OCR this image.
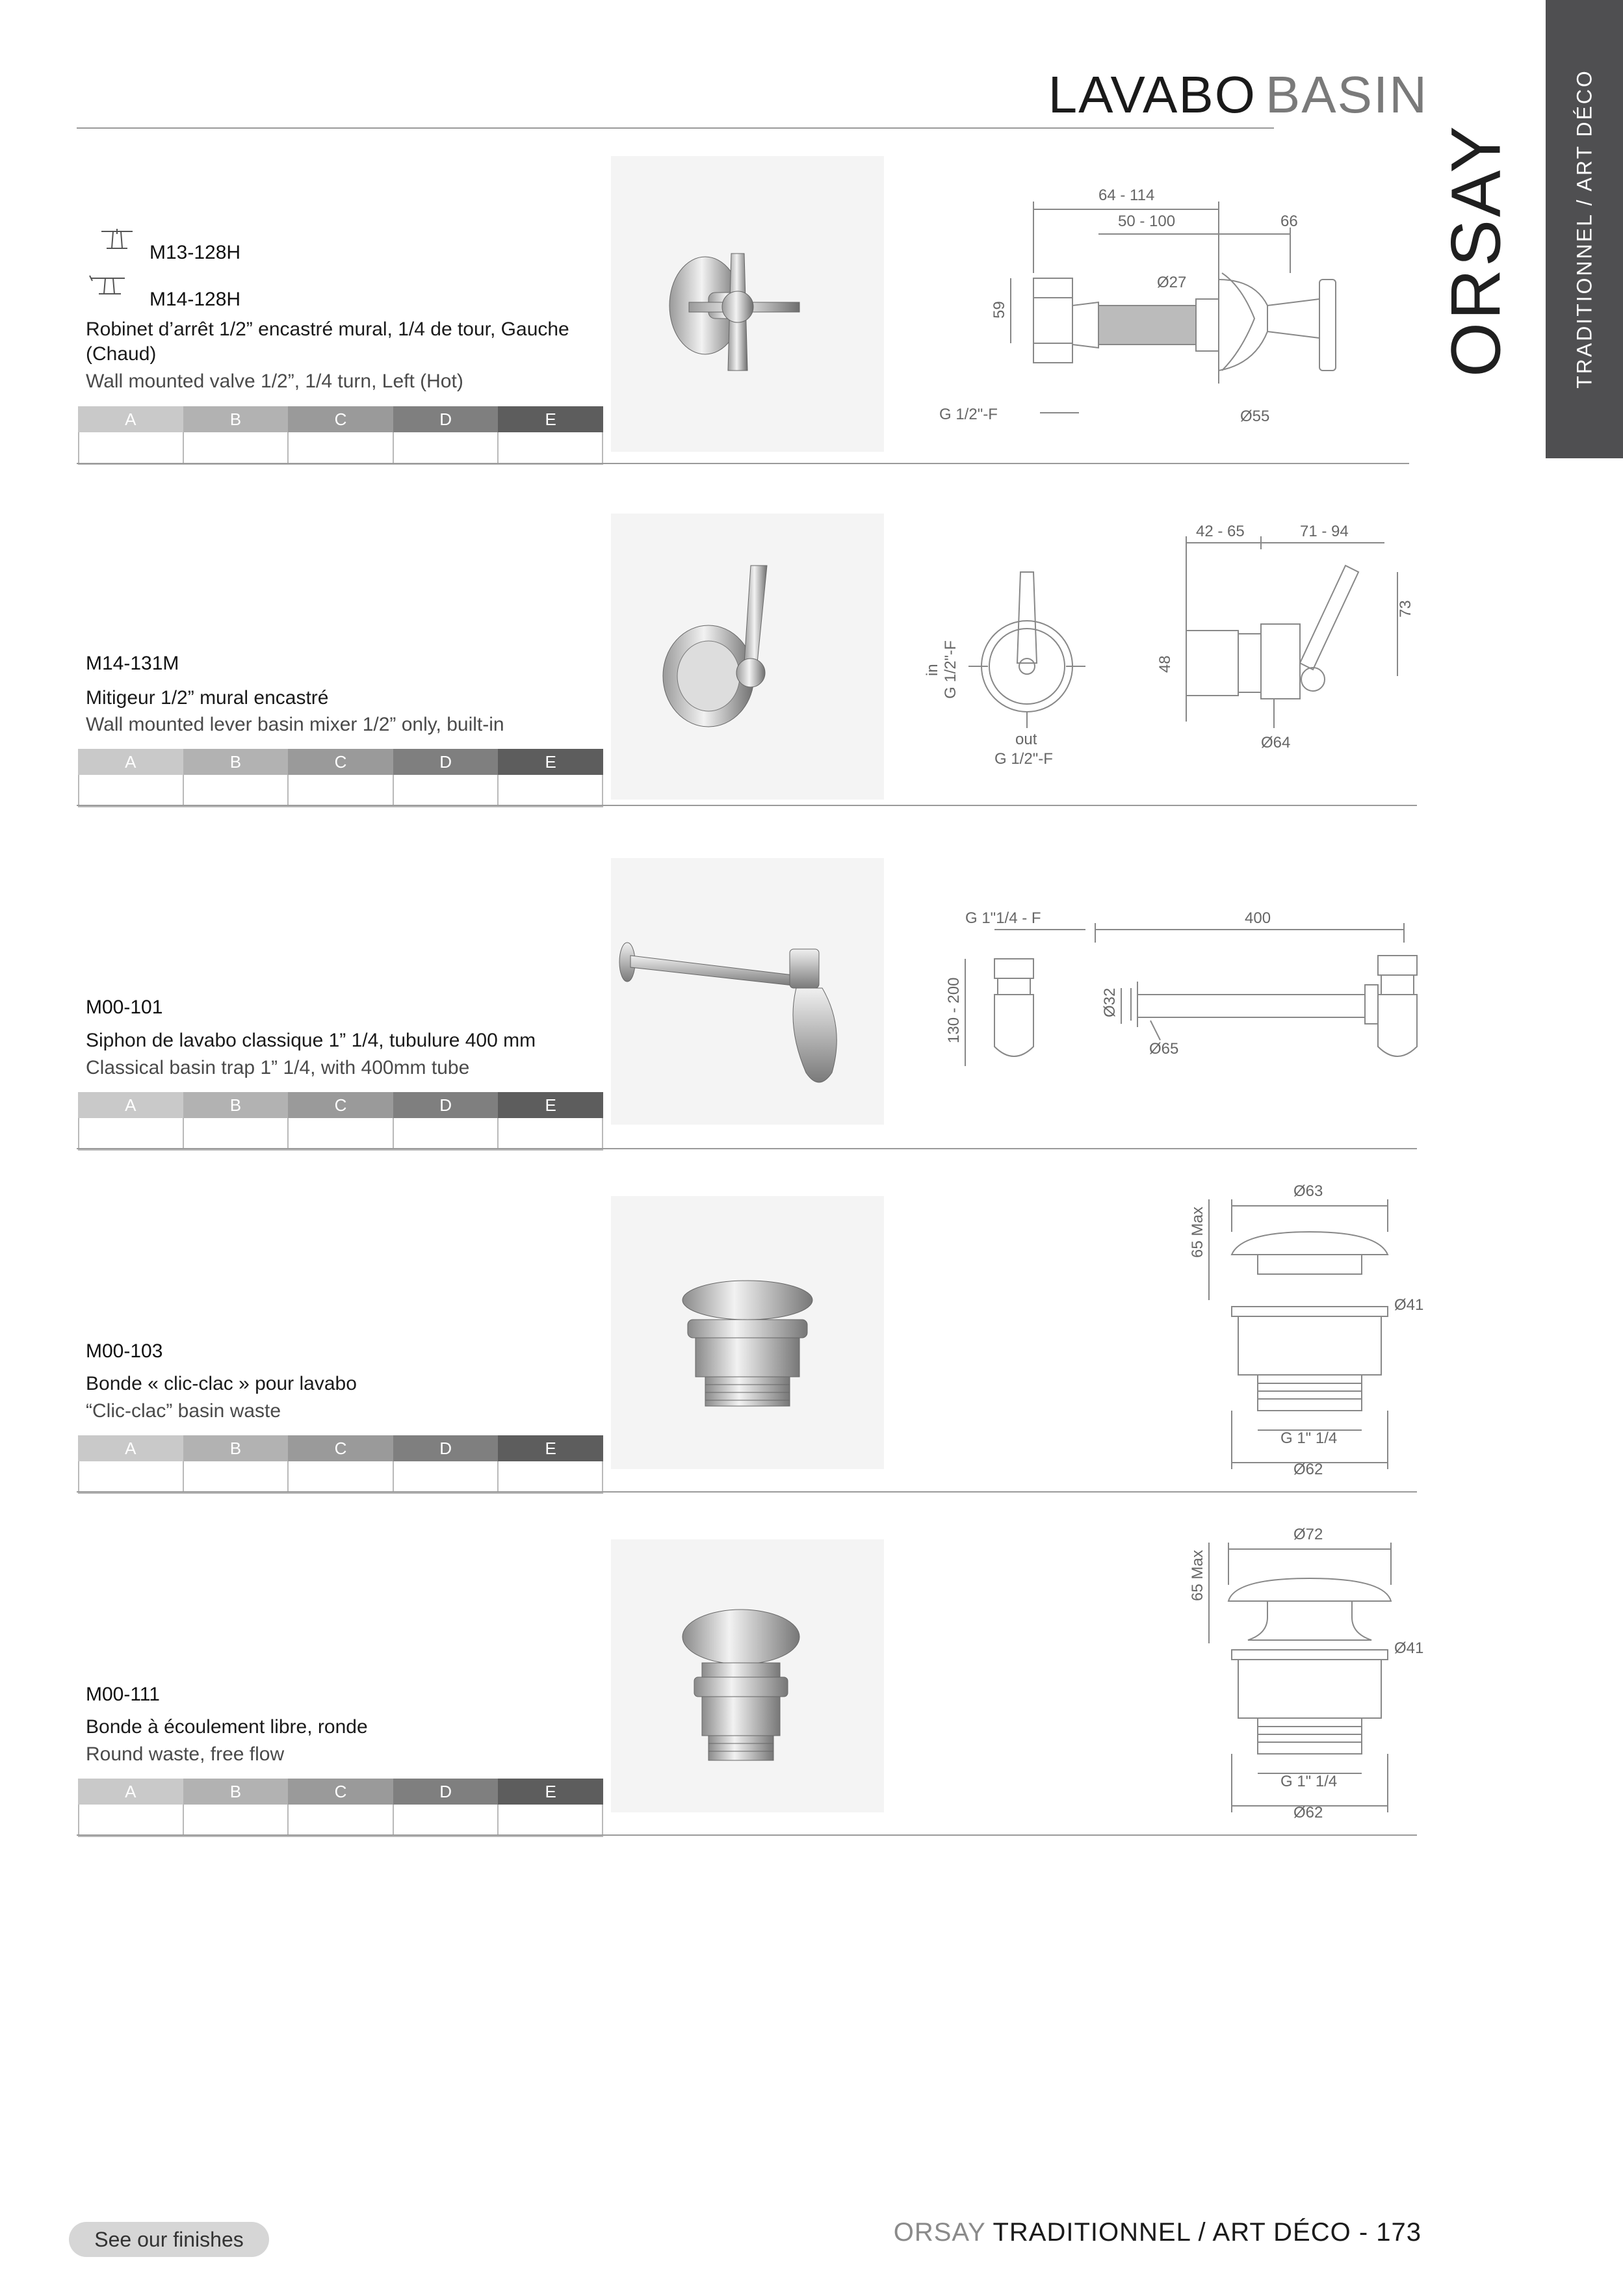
LAVABO BASIN	TRADITIONNEL / ART DÉCO
ORSAY
M13-128H
M14-128H
Robinet d’arrêt 1/2” encastré mural, 1/4 de tour, Gauche (Chaud)
Wall mounted valve 1/2”, 1/4 turn, Left (Hot)
A	B	C	D	E
64 - 114
50 - 100	66
Ø27
59
G 1/2"-F	Ø55
M14-131M
Mitigeur 1/2” mural encastré
Wall mounted lever basin mixer 1/2” only, built-in
A	B	C	D	E
42 - 65	71 - 94
73
48
Ø64
in G 1/2"-F
out
G 1/2"-F
M00-101
Siphon de lavabo classique 1” 1/4, tubulure 400 mm
Classical basin trap 1” 1/4, with 400mm tube
A	B	C	D	E
G 1"1/4 - F	400
130 - 200	Ø32
Ø65
M00-103
Bonde « clic-clac » pour lavabo
“Clic-clac” basin waste
A	B	C	D	E
Ø63
65 Max
Ø41
G 1" 1/4
Ø62
M00-111
Bonde à écoulement libre, ronde
Round waste, free flow
A	B	C	D	E
Ø72
65 Max
Ø41
G 1" 1/4
Ø62
See our finishes	ORSAY TRADITIONNEL / ART DÉCO - 173
